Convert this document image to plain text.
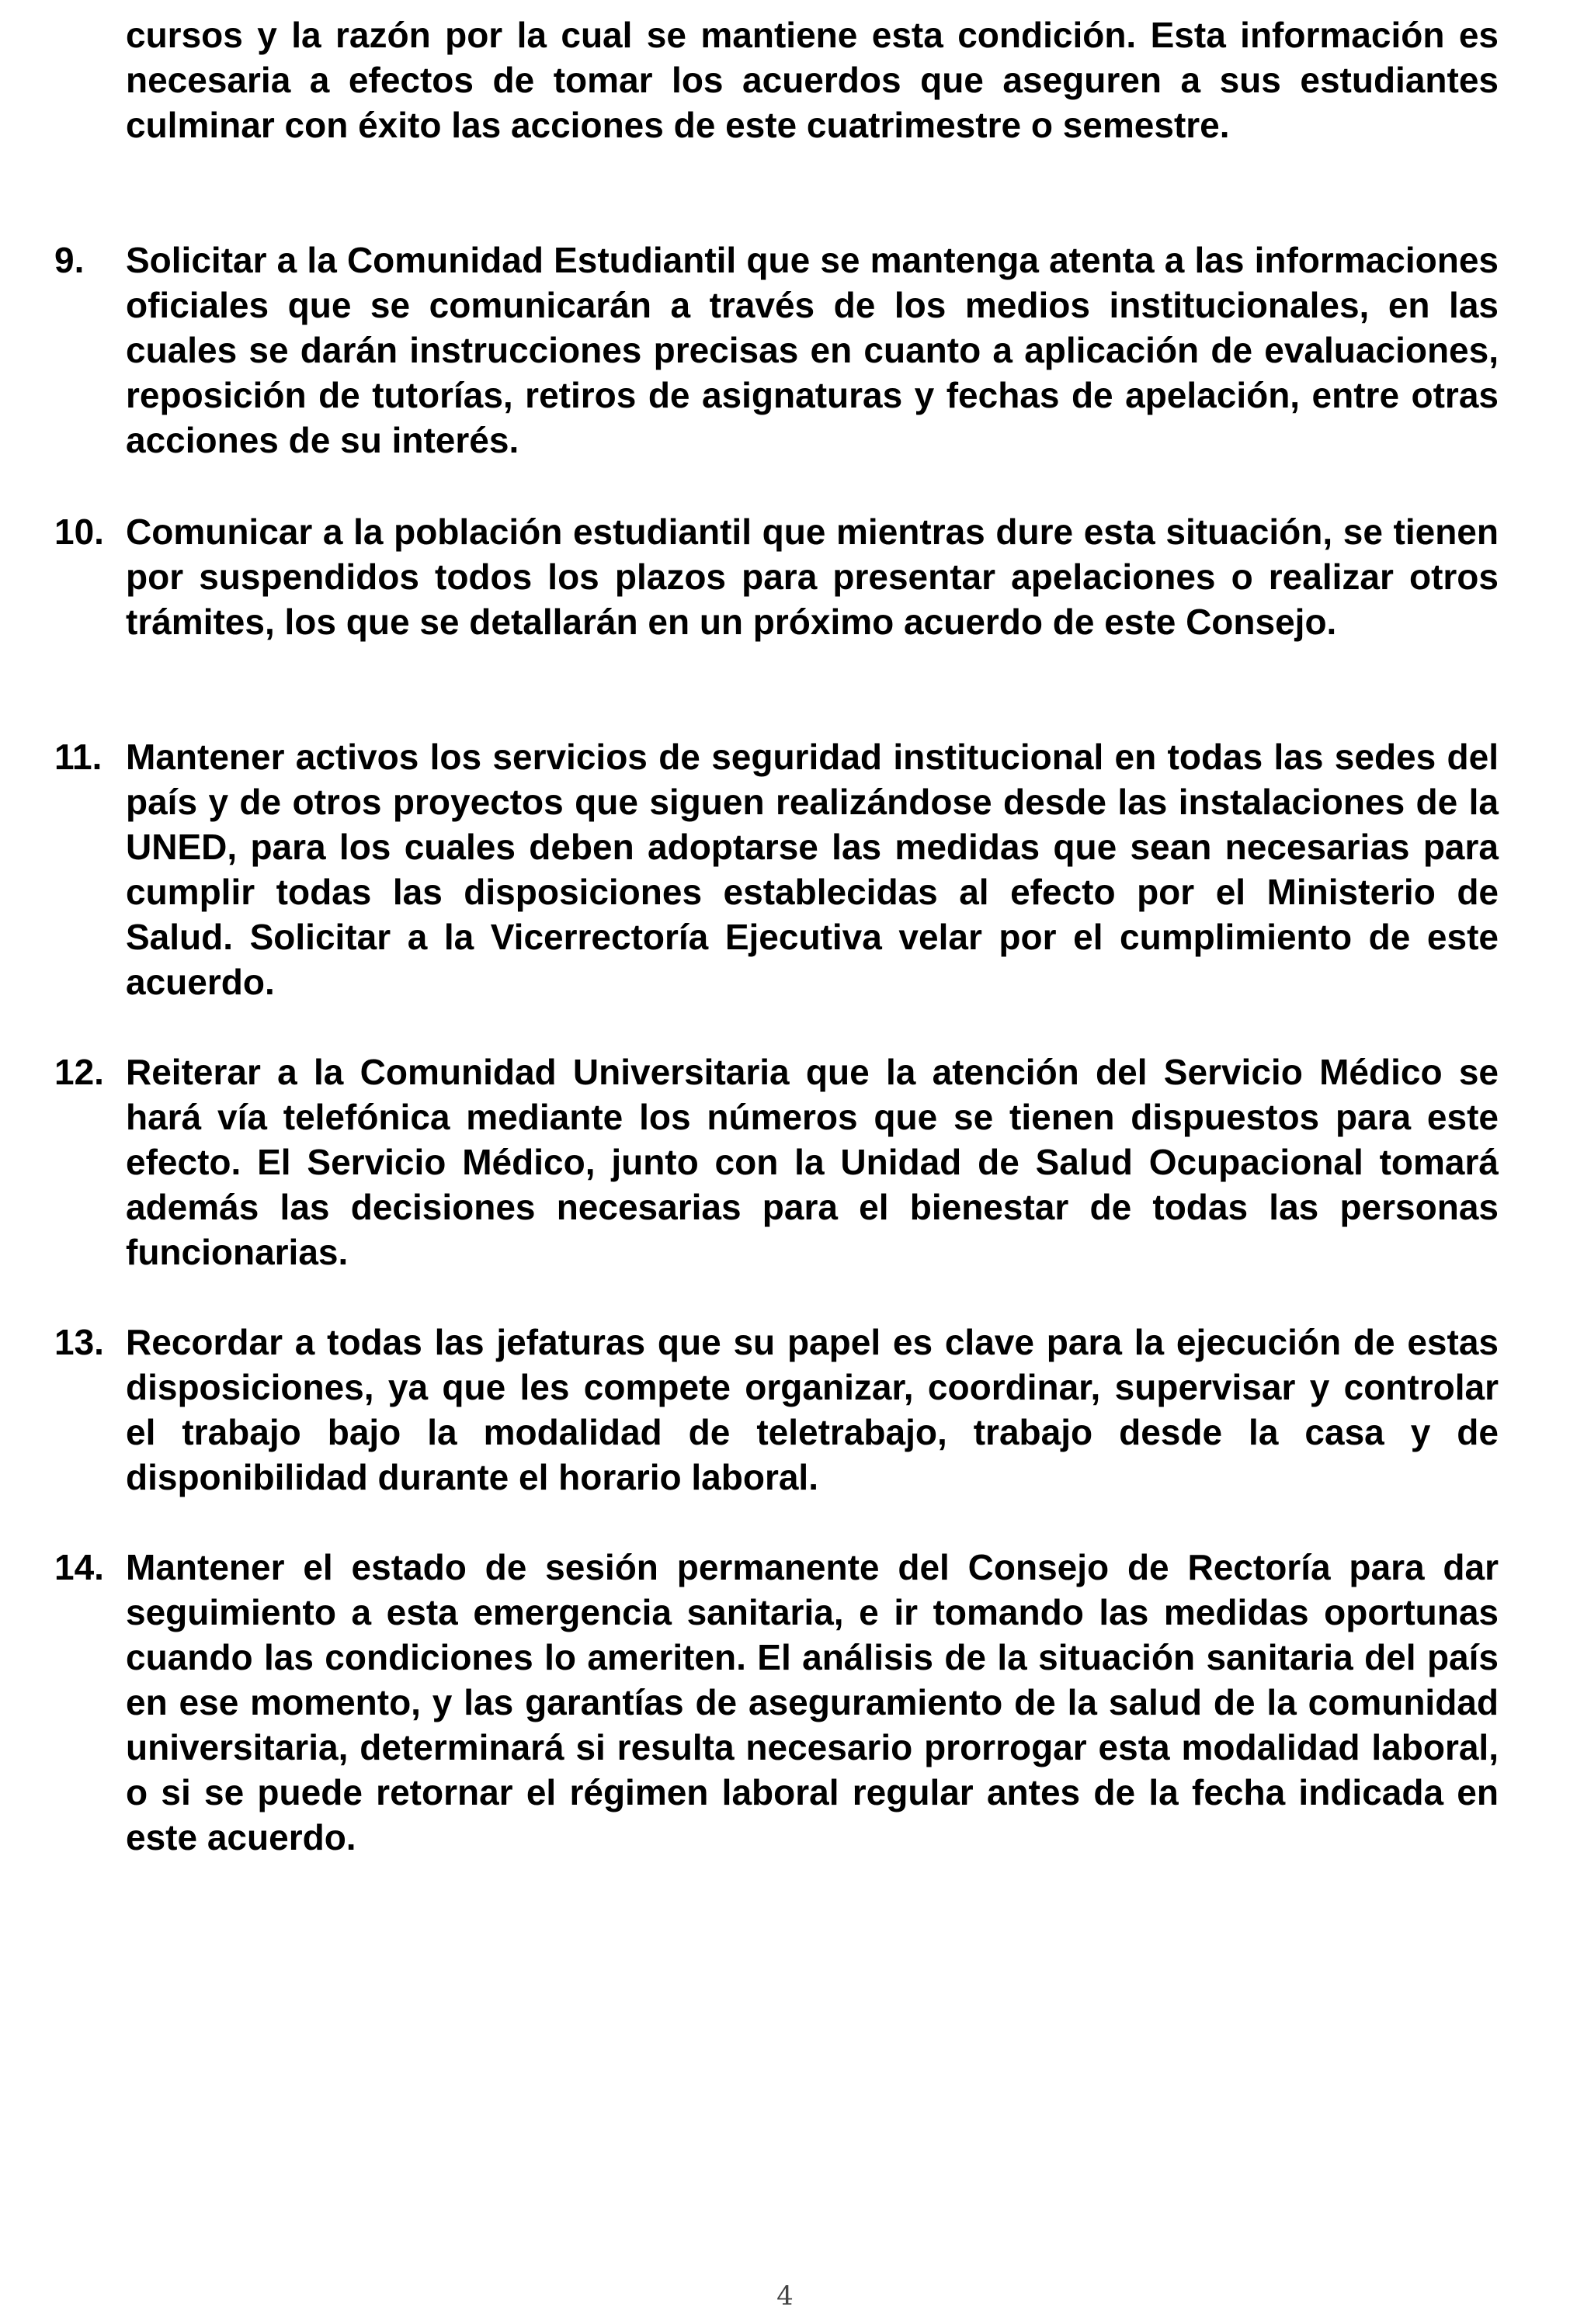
cursos y la razón por la cual se mantiene esta condición. Esta información es necesaria a efectos de tomar los acuerdos que aseguren a sus estudiantes culminar con éxito las acciones de este cuatrimestre o semestre.
9.	Solicitar a la Comunidad Estudiantil que se mantenga atenta a las informaciones oficiales que se comunicarán a través de los medios institucionales, en las cuales se darán instrucciones precisas en cuanto a aplicación de evaluaciones, reposición de tutorías, retiros de asignaturas y fechas de apelación, entre otras acciones de su interés.
10. Comunicar a la población estudiantil que mientras dure esta situación, se tienen por suspendidos todos los plazos para presentar apelaciones o realizar otros trámites, los que se detallarán en un próximo acuerdo de este Consejo.
11. Mantener activos los servicios de seguridad institucional en todas las sedes del país y de otros proyectos que siguen realizándose desde las instalaciones de la UNED, para los cuales deben adoptarse las medidas que sean necesarias para cumplir todas las disposiciones establecidas al efecto por el Ministerio de Salud. Solicitar a la Vicerrectoría Ejecutiva velar por el cumplimiento de este acuerdo.
12. Reiterar a la Comunidad Universitaria que la atención del Servicio Médico se hará vía telefónica mediante los números que se tienen dispuestos para este efecto. El Servicio Médico, junto con la Unidad de Salud Ocupacional tomará además las decisiones necesarias para el bienestar de todas las personas funcionarias.
13. Recordar a todas las jefaturas que su papel es clave para la ejecución de estas disposiciones, ya que les compete organizar, coordinar, supervisar y controlar el trabajo bajo la modalidad de teletrabajo, trabajo desde la casa y de disponibilidad durante el horario laboral.
14. Mantener el estado de sesión permanente del Consejo de Rectoría para dar seguimiento a esta emergencia sanitaria, e ir tomando las medidas oportunas cuando las condiciones lo ameriten. El análisis de la situación sanitaria del país en ese momento, y las garantías de aseguramiento de la salud de la comunidad universitaria, determinará si resulta necesario prorrogar esta modalidad laboral, o si se puede retornar el régimen laboral regular antes de la fecha indicada en este acuerdo.
4
